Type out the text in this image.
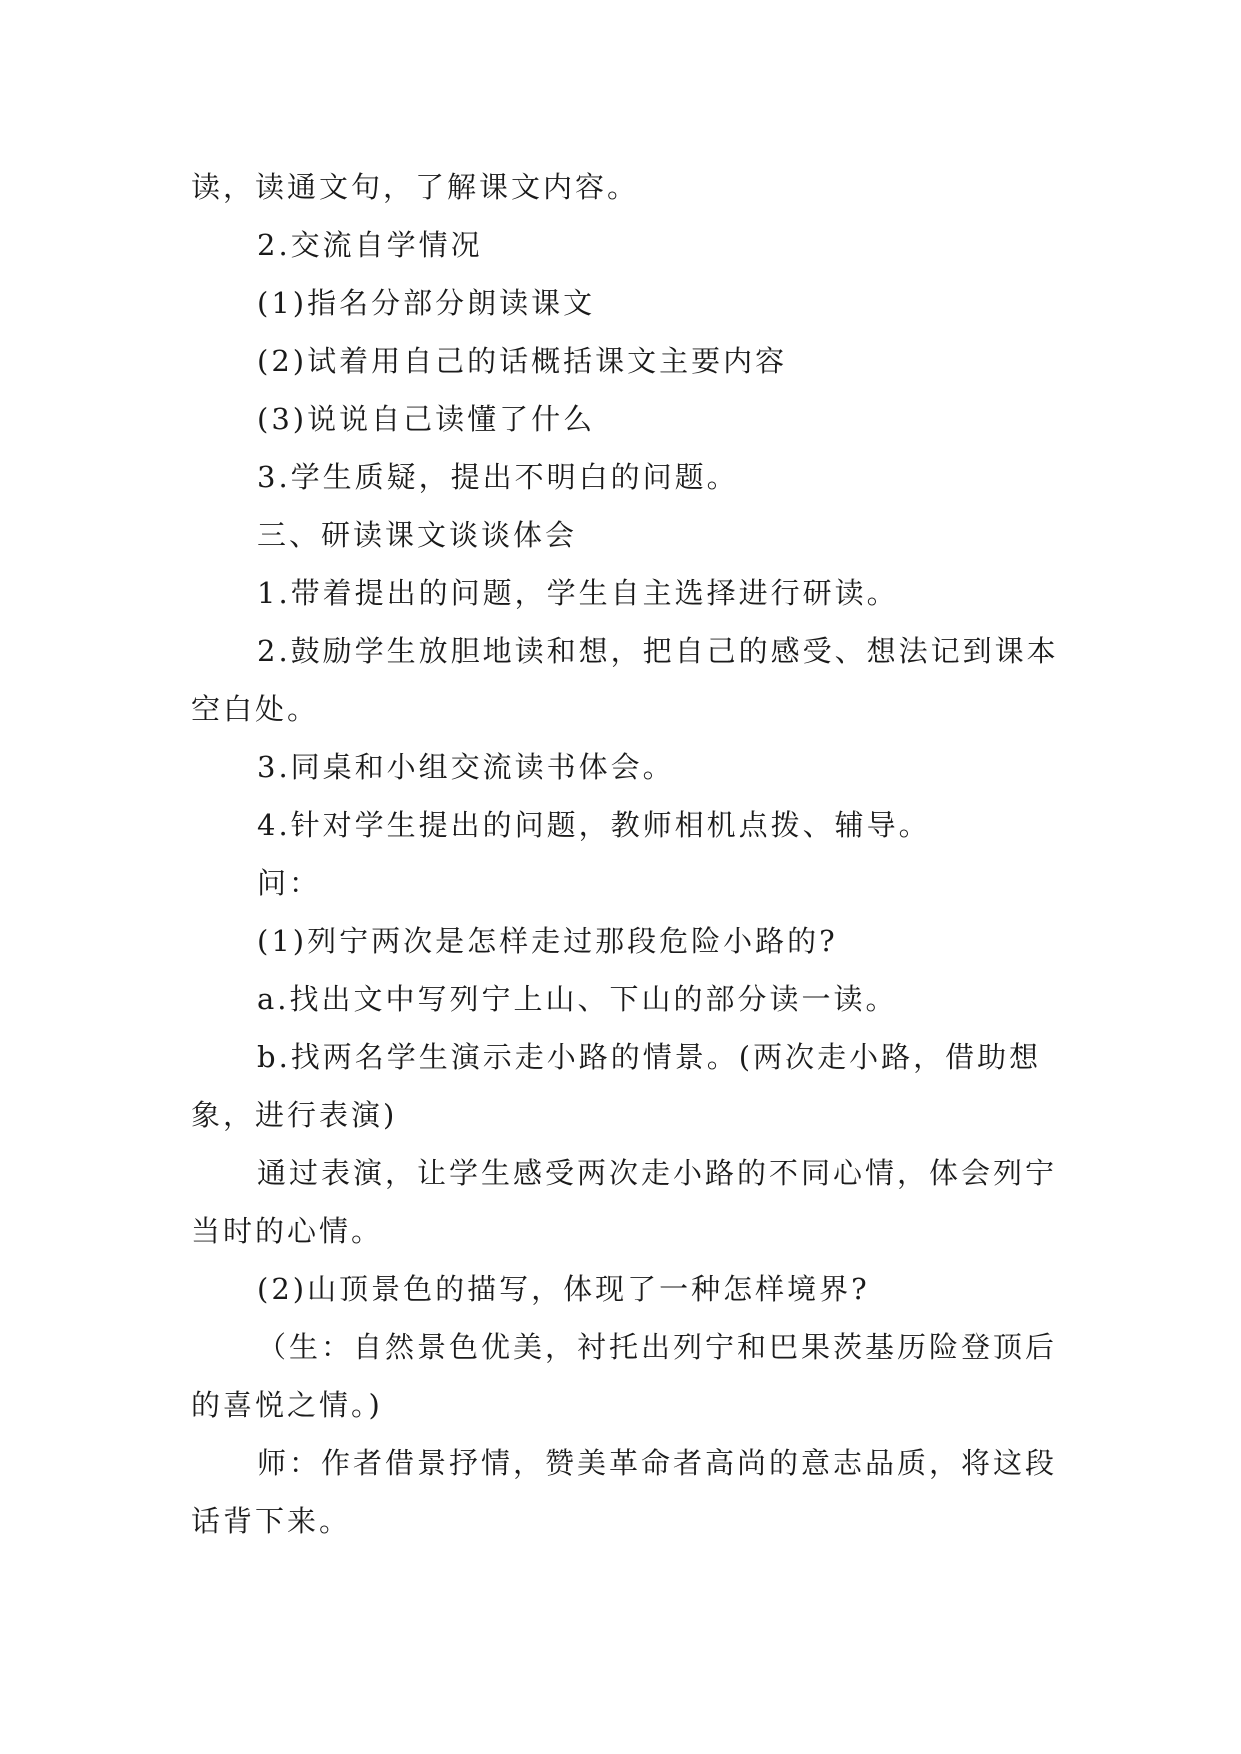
读，读通文句，了解课文内容。

2.交流自学情况

(1)指名分部分朗读课文

(2)试着用自己的话概括课文主要内容

(3)说说自己读懂了什么

3.学生质疑，提出不明白的问题。

三、研读课文谈谈体会

1.带着提出的问题，学生自主选择进行研读。

2.鼓励学生放胆地读和想，把自己的感受、想法记到课本空白处。

3.同桌和小组交流读书体会。

4.针对学生提出的问题，教师相机点拨、辅导。

问：

(1)列宁两次是怎样走过那段危险小路的?

a.找出文中写列宁上山、下山的部分读一读。

b.找两名学生演示走小路的情景。(两次走小路，借助想象，进行表演)

通过表演，让学生感受两次走小路的不同心情，体会列宁当时的心情。

(2)山顶景色的描写，体现了一种怎样境界?

（生：自然景色优美，衬托出列宁和巴果茨基历险登顶后的喜悦之情。)

师：作者借景抒情，赞美革命者高尚的意志品质，将这段话背下来。
